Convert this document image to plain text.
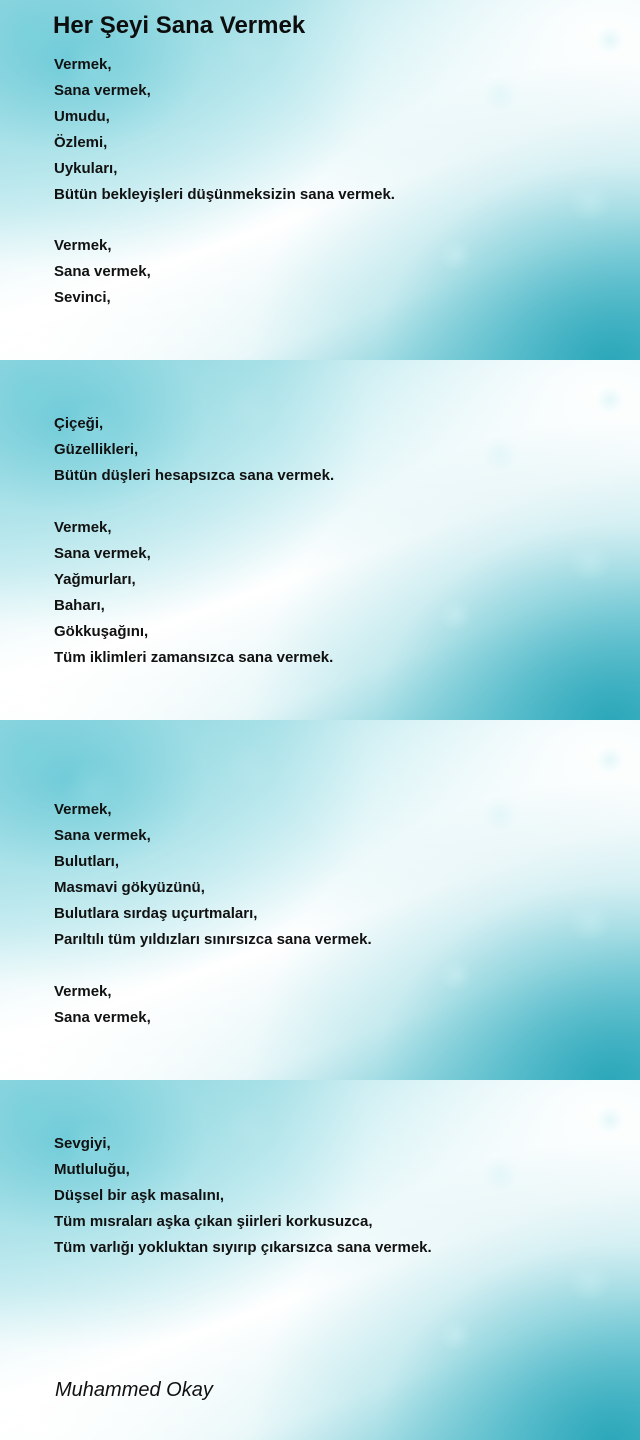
Her Şeyi Sana Vermek
Vermek,
Sana vermek,
Umudu,
Özlemi,
Uykuları,
Bütün bekleyişleri düşünmeksizin sana vermek.
Vermek,
Sana vermek,
Sevinci,
Çiçeği,
Güzellikleri,
Bütün düşleri hesapsızca sana vermek.
Vermek,
Sana vermek,
Yağmurları,
Baharı,
Gökkuşağını,
Tüm iklimleri zamansızca sana vermek.
Vermek,
Sana vermek,
Bulutları,
Masmavi gökyüzünü,
Bulutlara sırdaş uçurtmaları,
Parıltılı tüm yıldızları sınırsızca sana vermek.
Vermek,
Sana vermek,
Sevgiyi,
Mutluluğu,
Düşsel bir aşk masalını,
Tüm mısraları aşka çıkan şiirleri korkusuzca,
Tüm varlığı yokluktan sıyırıp çıkarsızca sana vermek.

Muhammed Okay
